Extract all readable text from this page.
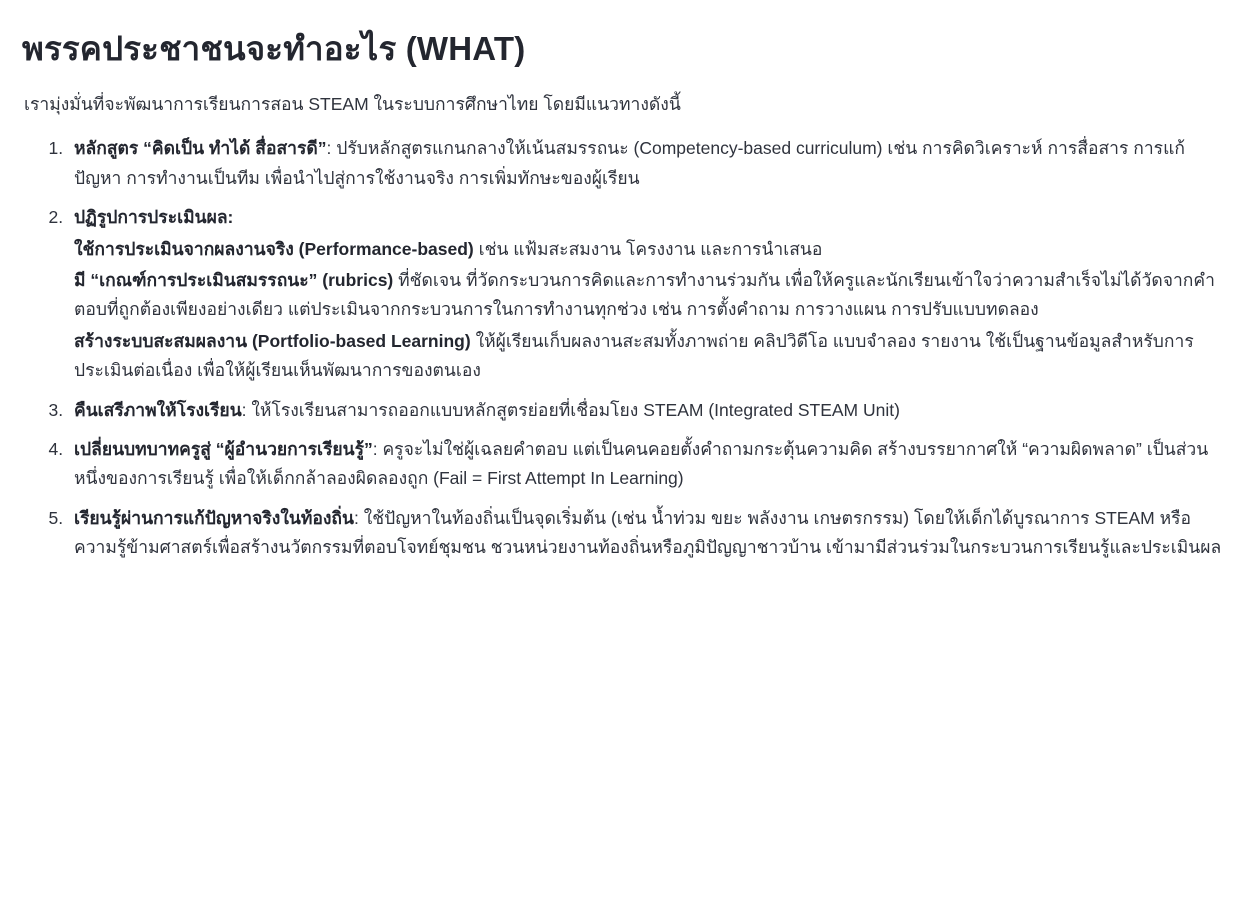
พรรคประชาชนจะทำอะไร (WHAT)

เรามุ่งมั่นที่จะพัฒนาการเรียนการสอน STEAM ในระบบการศึกษาไทย โดยมีแนวทางดังนี้

1. หลักสูตร “คิดเป็น ทำได้ สื่อสารดี”: ปรับหลักสูตรแกนกลางให้เน้นสมรรถนะ (Competency-based curriculum) เช่น การคิดวิเคราะห์ การสื่อสาร การแก้ปัญหา การทำงานเป็นทีม เพื่อนำไปสู่การใช้งานจริง การเพิ่มทักษะของผู้เรียน
2. ปฏิรูปการประเมินผล:
ใช้การประเมินจากผลงานจริง (Performance-based) เช่น แฟ้มสะสมงาน โครงงาน และการนำเสนอ
มี “เกณฑ์การประเมินสมรรถนะ” (rubrics) ที่ชัดเจน ที่วัดกระบวนการคิดและการทำงานร่วมกัน เพื่อให้ครูและนักเรียนเข้าใจว่าความสำเร็จไม่ได้วัดจากคำตอบที่ถูกต้องเพียงอย่างเดียว แต่ประเมินจากกระบวนการในการทำงานทุกช่วง เช่น การตั้งคำถาม การวางแผน การปรับแบบทดลอง
สร้างระบบสะสมผลงาน (Portfolio-based Learning) ให้ผู้เรียนเก็บผลงานสะสมทั้งภาพถ่าย คลิปวิดีโอ แบบจำลอง รายงาน ใช้เป็นฐานข้อมูลสำหรับการประเมินต่อเนื่อง เพื่อให้ผู้เรียนเห็นพัฒนาการของตนเอง
3. คืนเสรีภาพให้โรงเรียน: ให้โรงเรียนสามารถออกแบบหลักสูตรย่อยที่เชื่อมโยง STEAM (Integrated STEAM Unit)
4. เปลี่ยนบทบาทครูสู่ “ผู้อำนวยการเรียนรู้”: ครูจะไม่ใช่ผู้เฉลยคำตอบ แต่เป็นคนคอยตั้งคำถามกระตุ้นความคิด สร้างบรรยากาศให้ “ความผิดพลาด” เป็นส่วนหนึ่งของการเรียนรู้ เพื่อให้เด็กกล้าลองผิดลองถูก (Fail = First Attempt In Learning)
5. เรียนรู้ผ่านการแก้ปัญหาจริงในท้องถิ่น: ใช้ปัญหาในท้องถิ่นเป็นจุดเริ่มต้น (เช่น น้ำท่วม ขยะ พลังงาน เกษตรกรรม) โดยให้เด็กได้บูรณาการ STEAM หรือความรู้ข้ามศาสตร์เพื่อสร้างนวัตกรรมที่ตอบโจทย์ชุมชน ชวนหน่วยงานท้องถิ่นหรือภูมิปัญญาชาวบ้าน เข้ามามีส่วนร่วมในกระบวนการเรียนรู้และประเมินผล
